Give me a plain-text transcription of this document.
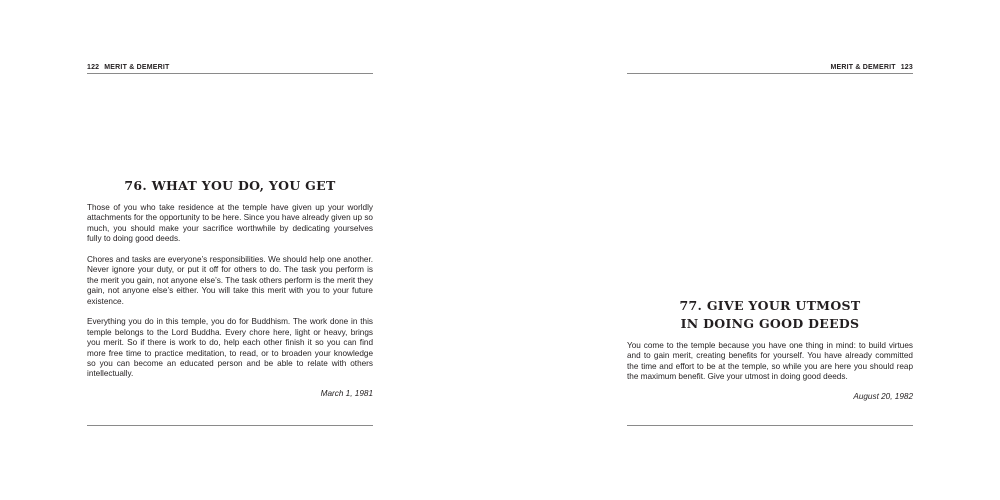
122 MERIT & DEMERIT
76. WHAT YOU DO, YOU GET

Those of you who take residence at the temple have given up your worldly attachments for the opportunity to be here. Since you have already given up so much, you should make your sacrifice worthwhile by dedicating yourselves fully to doing good deeds.

Chores and tasks are everyone’s responsibilities. We should help one another. Never ignore your duty, or put it off for others to do. The task you perform is the merit you gain, not anyone else’s. The task others perform is the merit they gain, not anyone else’s either. You will take this merit with you to your future existence.

Everything you do in this temple, you do for Buddhism. The work done in this temple belongs to the Lord Buddha. Every chore here, light or heavy, brings you merit. So if there is work to do, help each other finish it so you can find more free time to practice meditation, to read, or to broaden your knowledge so you can become an educated person and be able to relate with others intellectually.

March 1, 1981

MERIT & DEMERIT 123
77. GIVE YOUR UTMOST
IN DOING GOOD DEEDS

You come to the temple because you have one thing in mind: to build virtues and to gain merit, creating benefits for yourself. You have already committed the time and effort to be at the temple, so while you are here you should reap the maximum benefit. Give your utmost in doing good deeds.

August 20, 1982
